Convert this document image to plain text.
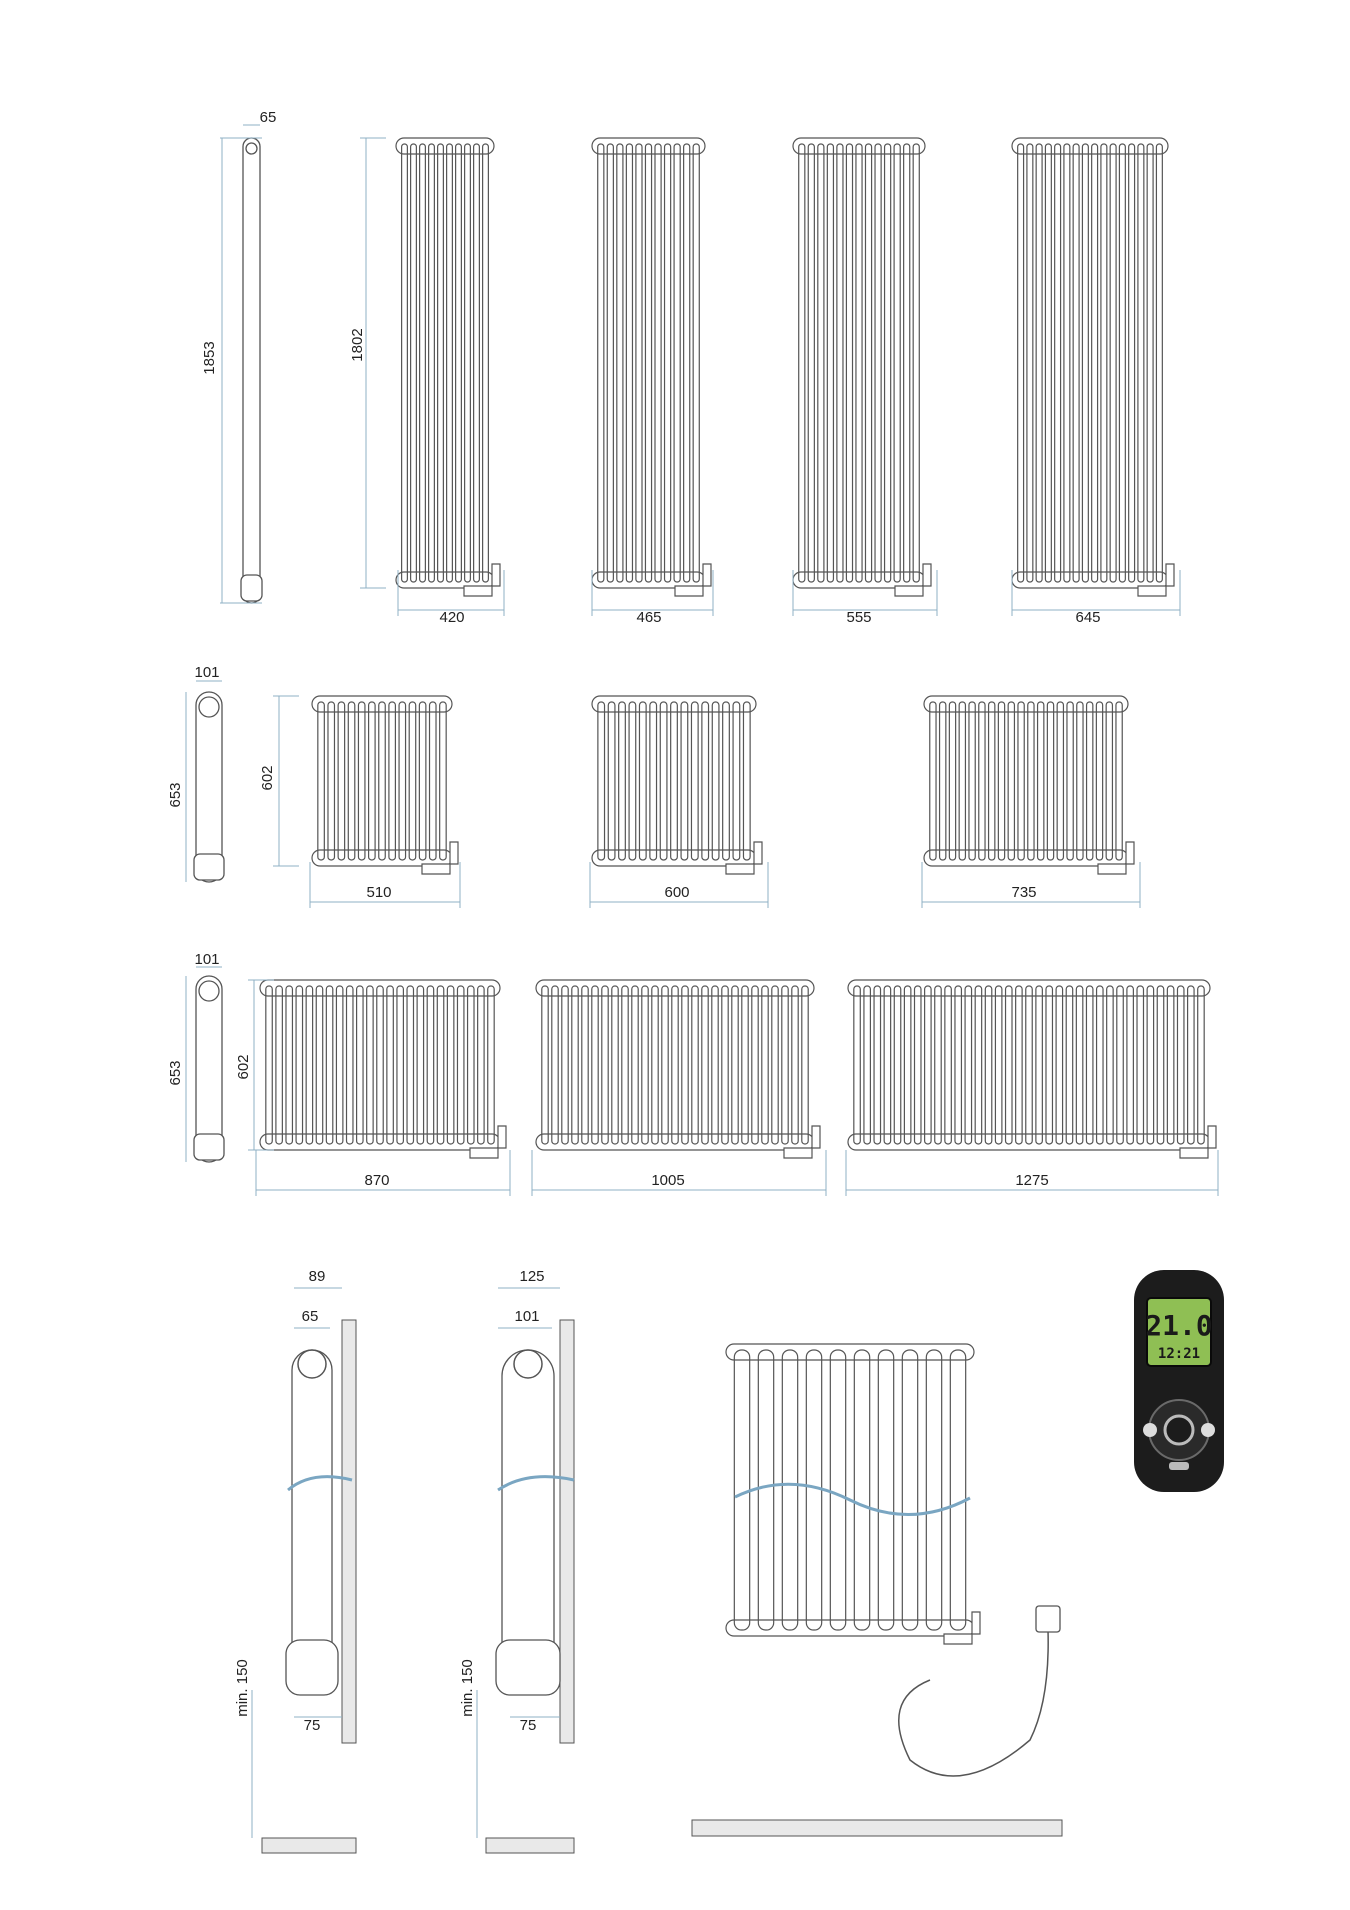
65
1853	1802
420	465	555	645
101
653
602
510	600	735
101
653	602
870	1005	1275
89
65
75
min. 150
125
101
75
min. 150
21.0
12:21
